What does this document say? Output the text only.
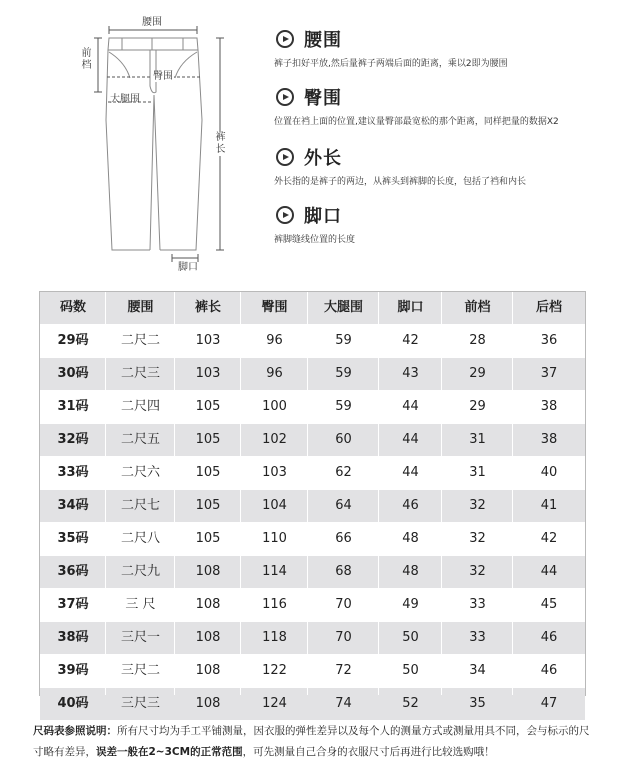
腰围
前档
臀围
大腿围
裤长
脚口
腰围
裤子扣好平放,然后量裤子两端后面的距离，乘以2即为腰围
臀围
位置在裆上面的位置,建议量臀部最宽松的那个距离，同样把量的数据X2
外长
外长指的是裤子的两边，从裤头到裤脚的长度，包括了裆和内长
脚口
裤脚缝线位置的长度
码数	腰围	裤长	臀围	大腿围	脚口	前档	后档
29码	二尺二	103	96	59	42	28	36
30码	二尺三	103	96	59	43	29	37
31码	二尺四	105	100	59	44	29	38
32码	二尺五	105	102	60	44	31	38
33码	二尺六	105	103	62	44	31	40
34码	二尺七	105	104	64	46	32	41
35码	二尺八	105	110	66	48	32	42
36码	二尺九	108	114	68	48	32	44
37码	三 尺	108	116	70	49	33	45
38码	三尺一	108	118	70	50	33	46
39码	三尺二	108	122	72	50	34	46
40码	三尺三	108	124	74	52	35	47
尺码表参照说明：所有尺寸均为手工平铺测量，因衣服的弹性差异以及每个人的测量方式或测量用具不同，会与标示的尺寸略有差异，误差一般在2~3CM的正常范围，可先测量自己合身的衣服尺寸后再进行比较选购哦！
